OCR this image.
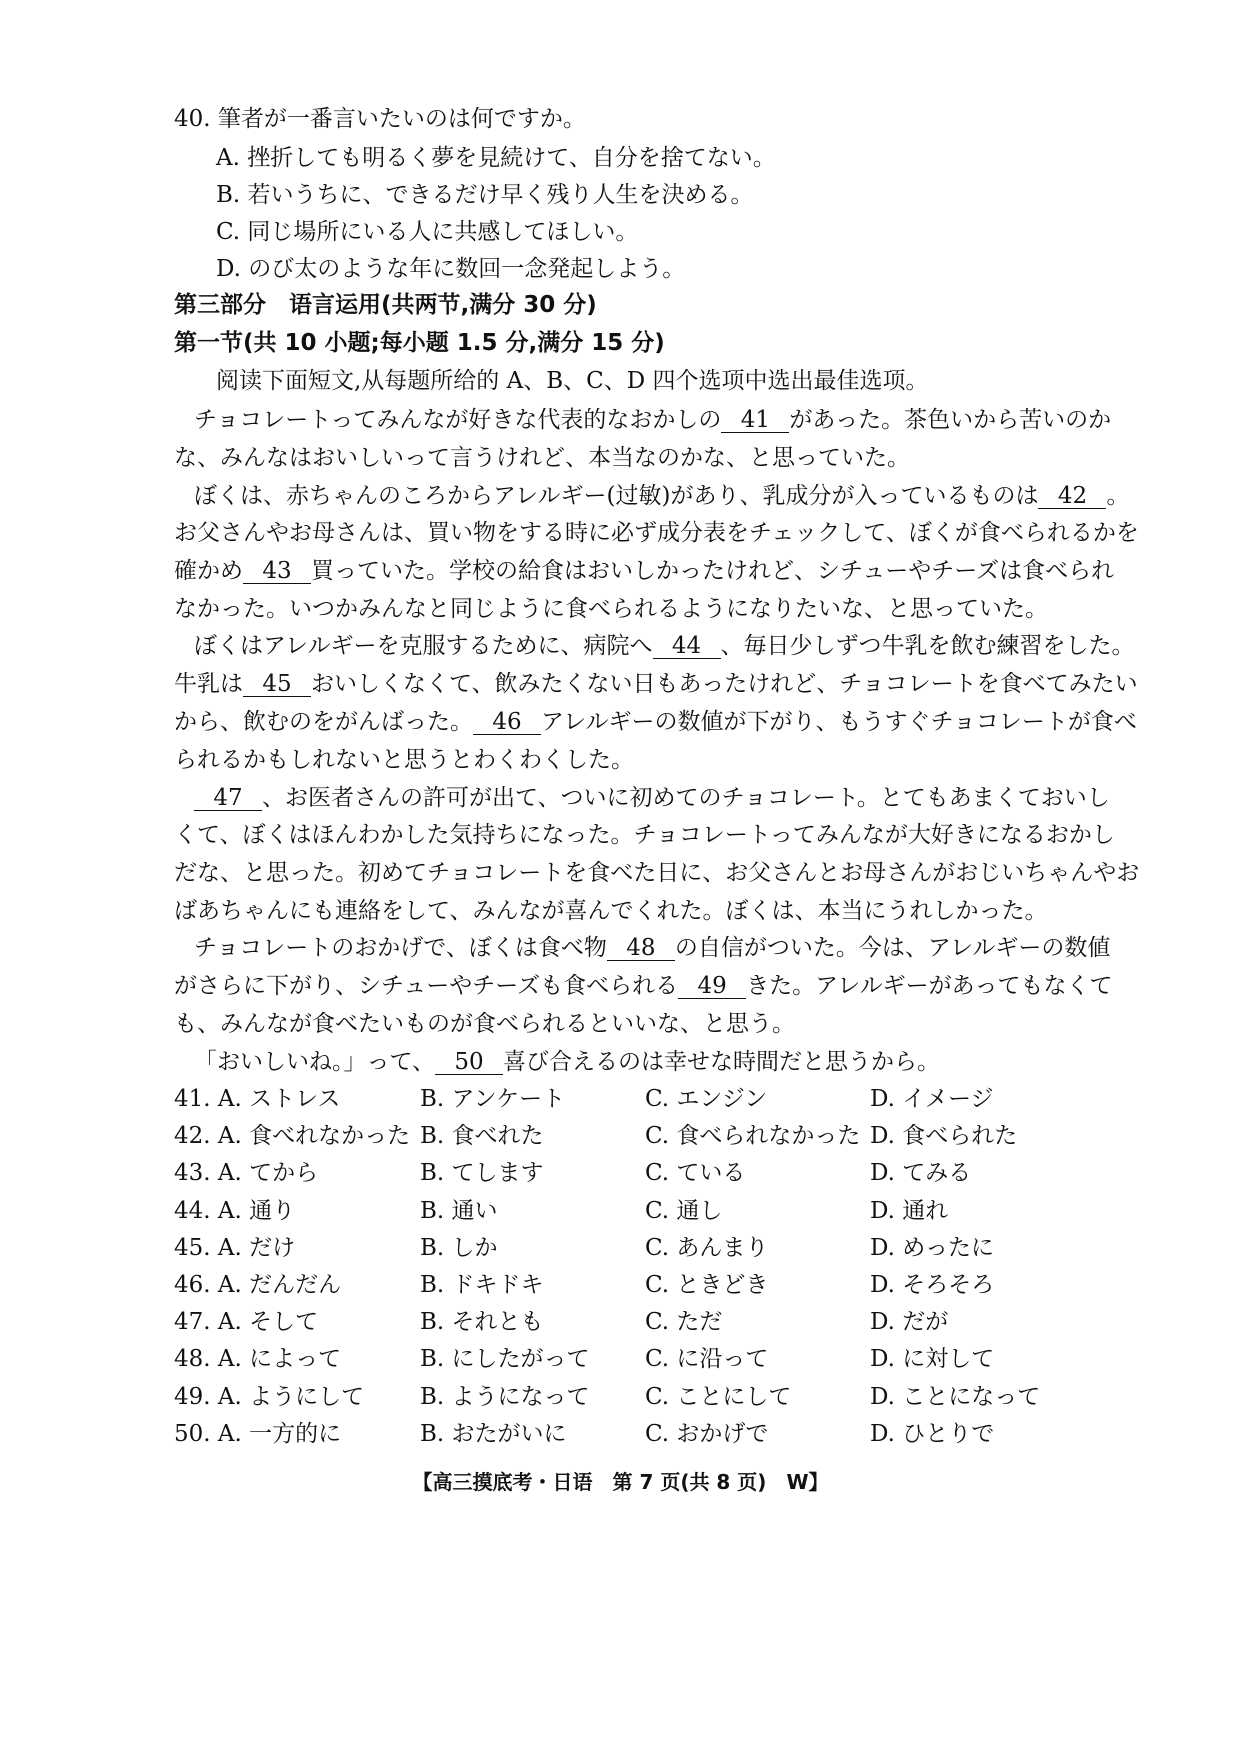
40. 筆者が一番言いたいのは何ですか。
A. 挫折しても明るく夢を見続けて、自分を捨てない。
B. 若いうちに、できるだけ早く残り人生を決める。
C. 同じ場所にいる人に共感してほしい。
D. のび太のような年に数回一念発起しよう。
第三部分　语言运用(共两节,满分 30 分)
第一节(共 10 小题;每小题 1.5 分,满分 15 分)
阅读下面短文,从每题所给的 A、B、C、D 四个选项中选出最佳选项。
チョコレートってみんなが好きな代表的なおかしの 41 があった。茶色いから苦いのか
な、みんなはおいしいって言うけれど、本当なのかな、と思っていた。
ぼくは、赤ちゃんのころからアレルギー(过敏)があり、乳成分が入っているものは 42 。
お父さんやお母さんは、買い物をする時に必ず成分表をチェックして、ぼくが食べられるかを
確かめ 43 買っていた。学校の給食はおいしかったけれど、シチューやチーズは食べられ
なかった。いつかみんなと同じように食べられるようになりたいな、と思っていた。
ぼくはアレルギーを克服するために、病院へ 44 、毎日少しずつ牛乳を飲む練習をした。
牛乳は 45 おいしくなくて、飲みたくない日もあったけれど、チョコレートを食べてみたい
から、飲むのをがんばった。 46 アレルギーの数値が下がり、もうすぐチョコレートが食べ
られるかもしれないと思うとわくわくした。
47 、お医者さんの許可が出て、ついに初めてのチョコレート。とてもあまくておいし
くて、ぼくはほんわかした気持ちになった。チョコレートってみんなが大好きになるおかし
だな、と思った。初めてチョコレートを食べた日に、お父さんとお母さんがおじいちゃんやお
ばあちゃんにも連絡をして、みんなが喜んでくれた。ぼくは、本当にうれしかった。
チョコレートのおかげで、ぼくは食べ物 48 の自信がついた。今は、アレルギーの数値
がさらに下がり、シチューやチーズも食べられる 49 きた。アレルギーがあってもなくて
も、みんなが食べたいものが食べられるといいな、と思う。
「おいしいね。」って、 50 喜び合えるのは幸せな時間だと思うから。
41. A. ストレス	B. アンケート	C. エンジン	D. イメージ
42. A. 食べれなかった B. 食べれた	C. 食べられなかった D. 食べられた
43. A. てから	B. てします	C. ている	D. てみる
44. A. 通り	B. 通い	C. 通し	D. 通れ
45. A. だけ	B. しか	C. あんまり	D. めったに
46. A. だんだん	B. ドキドキ	C. ときどき	D. そろそろ
47. A. そして	B. それとも	C. ただ	D. だが
48. A. によって	B. にしたがって C. に沿って	D. に対して
49. A. ようにして B. ようになって C. ことにして	D. ことになって
50. A. 一方的に	B. おたがいに	C. おかげで	D. ひとりで
【高三摸底考・日语　第 7 页(共 8 页)　W】
